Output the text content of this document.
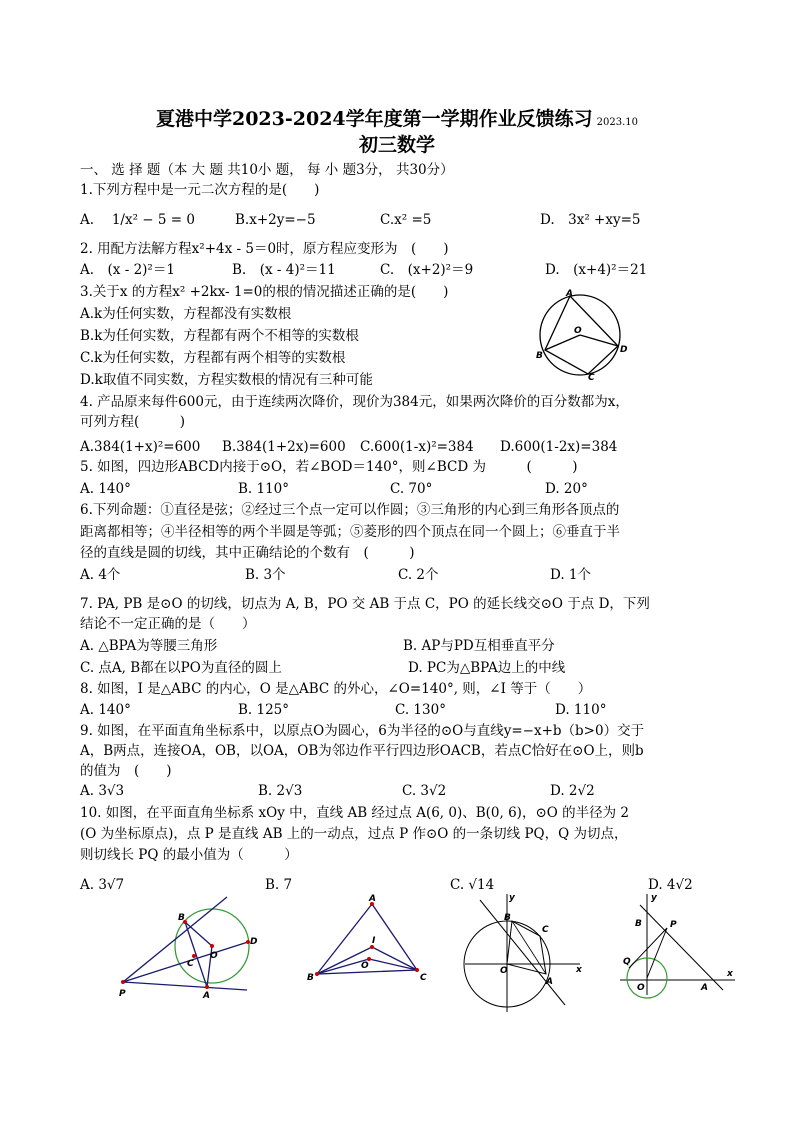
夏港中学2023-2024学年度第一学期作业反馈练习 2023.10
初三数学
一、 选 择 题（本 大 题 共10小 题， 每 小 题3分， 共30分）
1.下列方程中是一元二次方程的是(　　)
A.　 1/x² − 5 = 0	B.x+2y=−5	C.x² =5	D.　3x² +xy=5
2. 用配方法解方程x²+4x - 5＝0时，原方程应变形为　(　　)
A.　(x - 2)²＝1	B.　(x - 4)²＝11	C.　(x+2)²＝9	D.　(x+4)²＝21
3.关于x 的方程x² +2kx- 1=0的根的情况描述正确的是(　　)
A.k为任何实数，方程都没有实数根
B.k为任何实数，方程都有两个不相等的实数根
C.k为任何实数，方程都有两个相等的实数根
D.k取值不同实数，方程实数根的情况有三种可能
A
O
B
D
C
4. 产品原来每件600元，由于连续两次降价，现价为384元，如果两次降价的百分数都为x，
可列方程(　　　)
A.384(1+x)²=600 B.384(1+2x)=600 C.600(1-x)²=384 D.600(1-2x)=384
5. 如图，四边形ABCD内接于⊙O，若∠BOD＝140°，则∠BCD 为　　　(　　　)
A. 140°	B. 110°	C. 70°	D. 20°
6.下列命题：①直径是弦；②经过三个点一定可以作圆；③三角形的内心到三角形各顶点的
距离都相等；④半径相等的两个半圆是等弧；⑤菱形的四个顶点在同一个圆上；⑥垂直于半
径的直线是圆的切线，其中正确结论的个数有　(　　　)
A. 4个	B. 3个	C. 2个	D. 1个
7. PA, PB 是⊙O 的切线，切点为 A, B，PO 交 AB 于点 C，PO 的延长线交⊙O 于点 D，下列
结论不一定正确的是（　　）
A. △BPA为等腰三角形	B. AP与PD互相垂直平分
C. 点A, B都在以PO为直径的圆上	D. PC为△BPA边上的中线
8. 如图，I 是△ABC 的内心，O 是△ABC 的外心，∠O=140°, 则，∠I 等于（　　）
A. 140°	B. 125°	C. 130°	D. 110°
9. 如图，在平面直角坐标系中，以原点O为圆心，6为半径的⊙O与直线y=−x+b（b>0）交于
A，B两点，连接OA，OB，以OA，OB为邻边作平行四边形OACB，若点C恰好在⊙O上，则b
的值为　(　　)
A. 3√3	B. 2√3	C. 3√2	D. 2√2
10. 如图，在平面直角坐标系 xOy 中，直线 AB 经过点 A(6, 0)、B(0, 6)，⊙O 的半径为 2
(O 为坐标原点)，点 P 是直线 AB 上的一动点，过点 P 作⊙O 的一条切线 PQ，Q 为切点，
则切线长 PQ 的最小值为（　　　）
A. 3√7	B. 7	C. √14	D. 4√2
B
C
O
D
P	A
A
I
O
B	C
y
B
C
O
A
x
y
B	P
Q
O	A
x
